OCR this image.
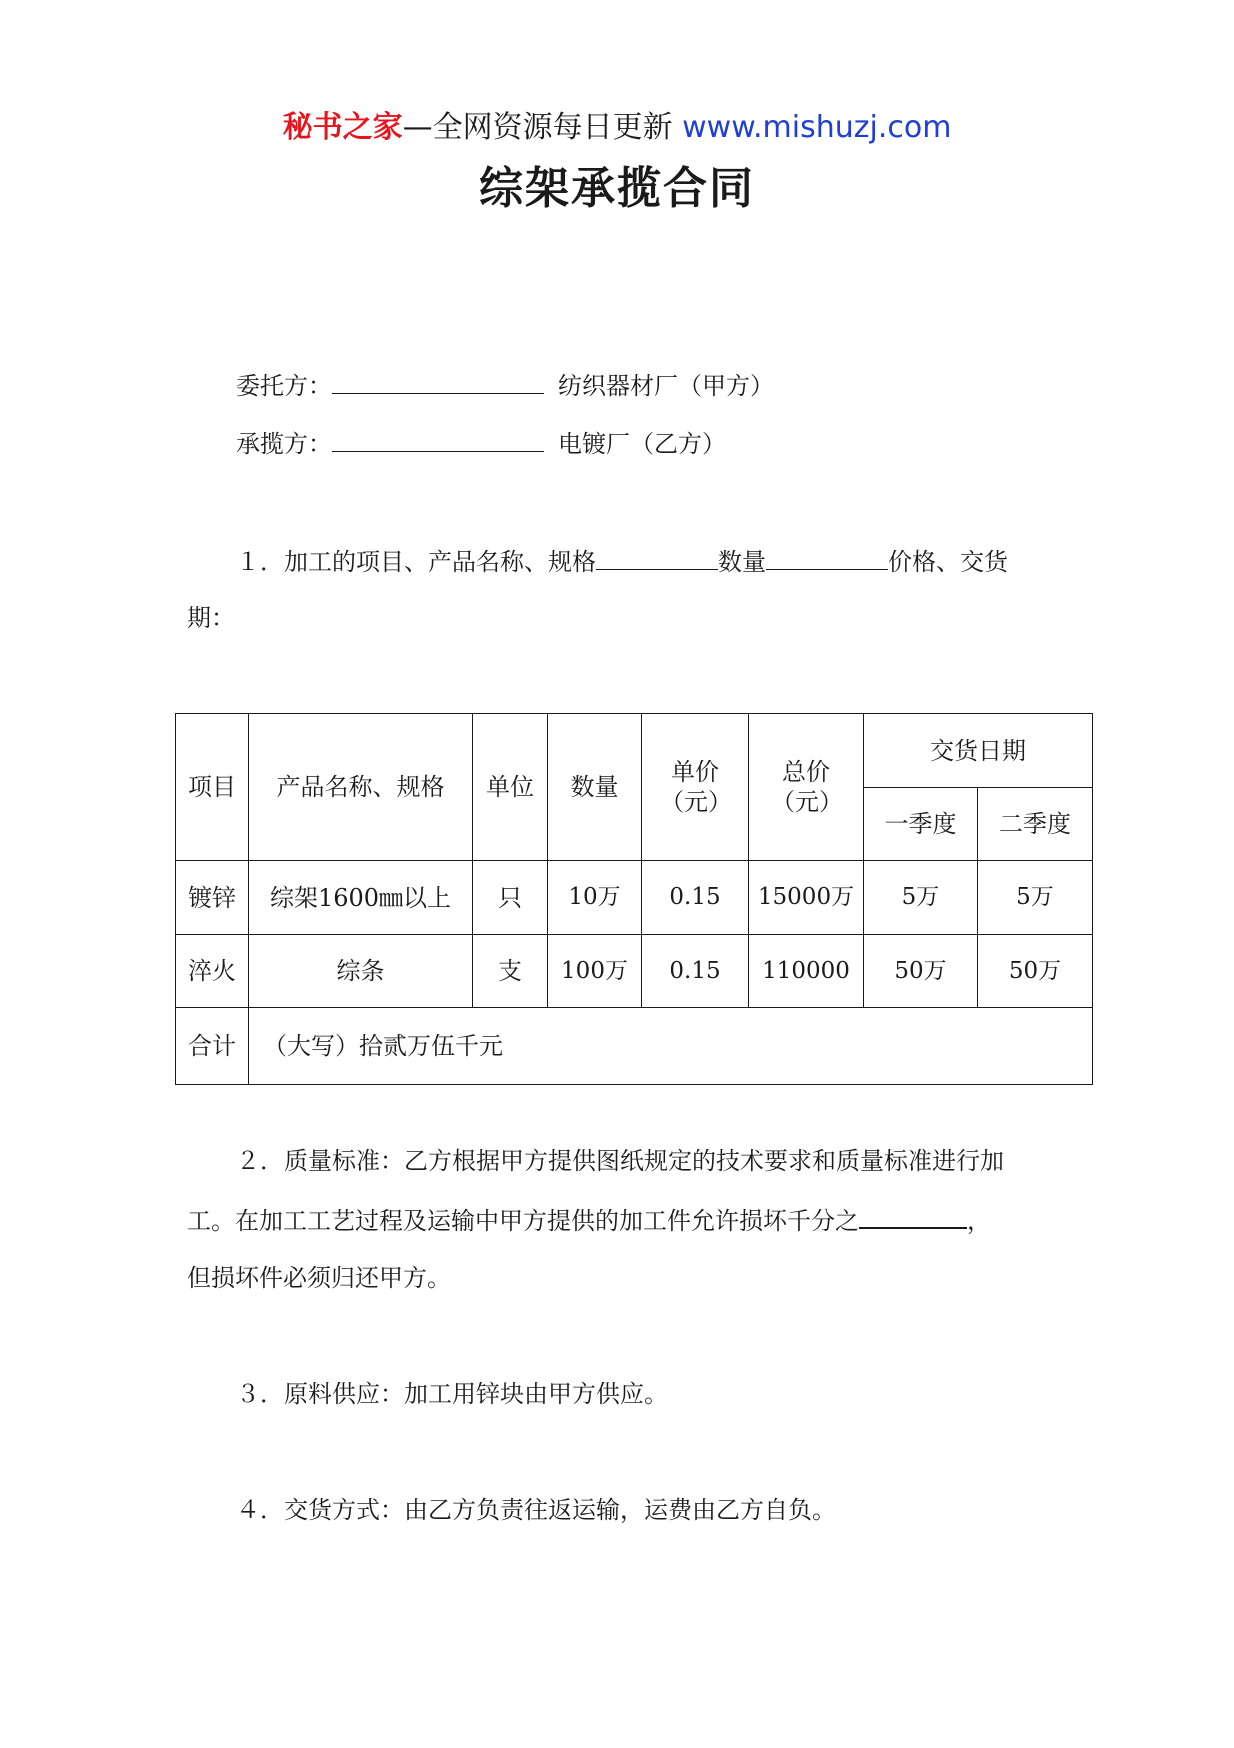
秘书之家—全网资源每日更新 www.mishuzj.com
综架承揽合同
委托方：	纺织器材厂（甲方）
承揽方：	电镀厂（乙方）
１．加工的项目、产品名称、规格	数量	价格、交货
期：
项目	产品名称、规格	单位	数量	单价（元）	总价（元）	交货日期	
						一季度	二季度
镀锌	综架1600㎜以上	只	10万	0.15	15000万	5万	5万
淬火	综条	支	100万	0.15	110000	50万	50万
合计	（大写）拾贰万伍千元						
２．质量标准：乙方根据甲方提供图纸规定的技术要求和质量标准进行加
工。在加工工艺过程及运输中甲方提供的加工件允许损坏千分之	，
但损坏件必须归还甲方。
３．原料供应：加工用锌块由甲方供应。
４．交货方式：由乙方负责往返运输，运费由乙方自负。
